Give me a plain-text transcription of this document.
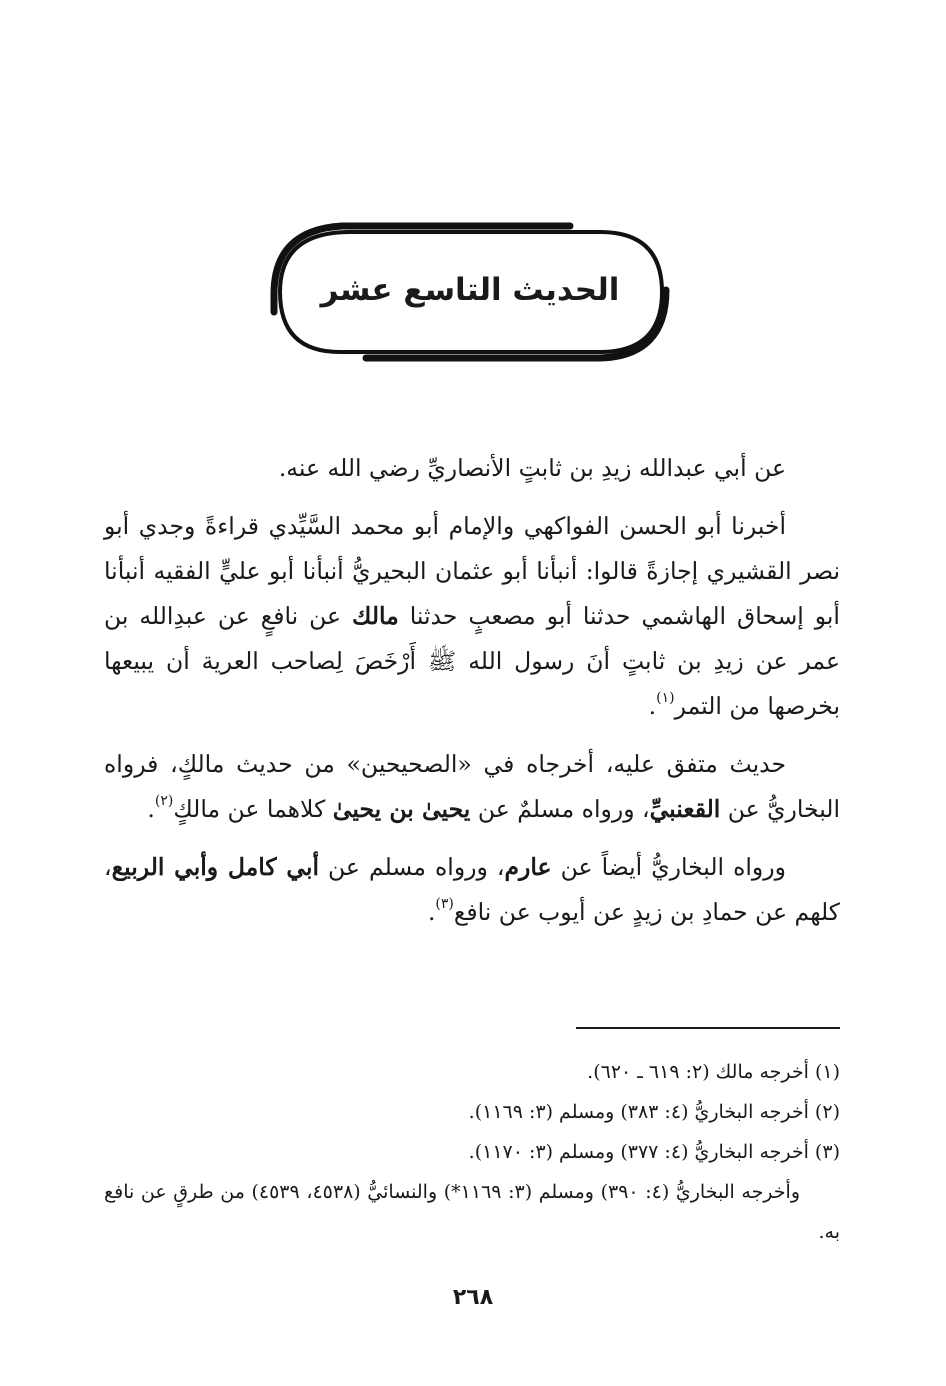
الحديث التاسع عشر

عن أبي عبدالله زيدِ بن ثابتٍ الأنصاريِّ رضي الله عنه.

أخبرنا أبو الحسن الفواكهي والإمام أبو محمد السَّيِّدي قراءةً وجدي أبو نصر القشيري إجازةً قالوا: أنبأنا أبو عثمان البحيريُّ أنبأنا أبو عليٍّ الفقيه أنبأنا أبو إسحاق الهاشمي حدثنا أبو مصعبٍ حدثنا مالك عن نافعٍ عن عبدِالله بن عمر عن زيدِ بن ثابتٍ أنَ رسول الله ﷺ أَرْخَصَ لِصاحب العرية أن يبيعها بخرصها من التمر$^{(١)}$.

حديث متفق عليه، أخرجاه في «الصحيحين» من حديث مالكٍ، فرواه البخاريُّ عن القعنبيِّ، ورواه مسلمٌ عن يحيىٰ بن يحيىٰ كلاهما عن مالكٍ$^{(٢)}$.

ورواه البخاريُّ أيضاً عن عارم، ورواه مسلم عن أبي كامل وأبي الربيع، كلهم عن حمادِ بن زيدٍ عن أيوب عن نافع$^{(٣)}$.

(١) أخرجه مالك (٢: ٦١٩ ـ ٦٢٠).

(٢) أخرجه البخاريُّ (٤: ٣٨٣) ومسلم (٣: ١١٦٩).

(٣) أخرجه البخاريُّ (٤: ٣٧٧) ومسلم (٣: ١١٧٠).

وأخرجه البخاريُّ (٤: ٣٩٠) ومسلم (٣: ١١٦٩*) والنسائيُّ (٤٥٣٨، ٤٥٣٩) من طرقٍ عن نافع به.

٢٦٨
